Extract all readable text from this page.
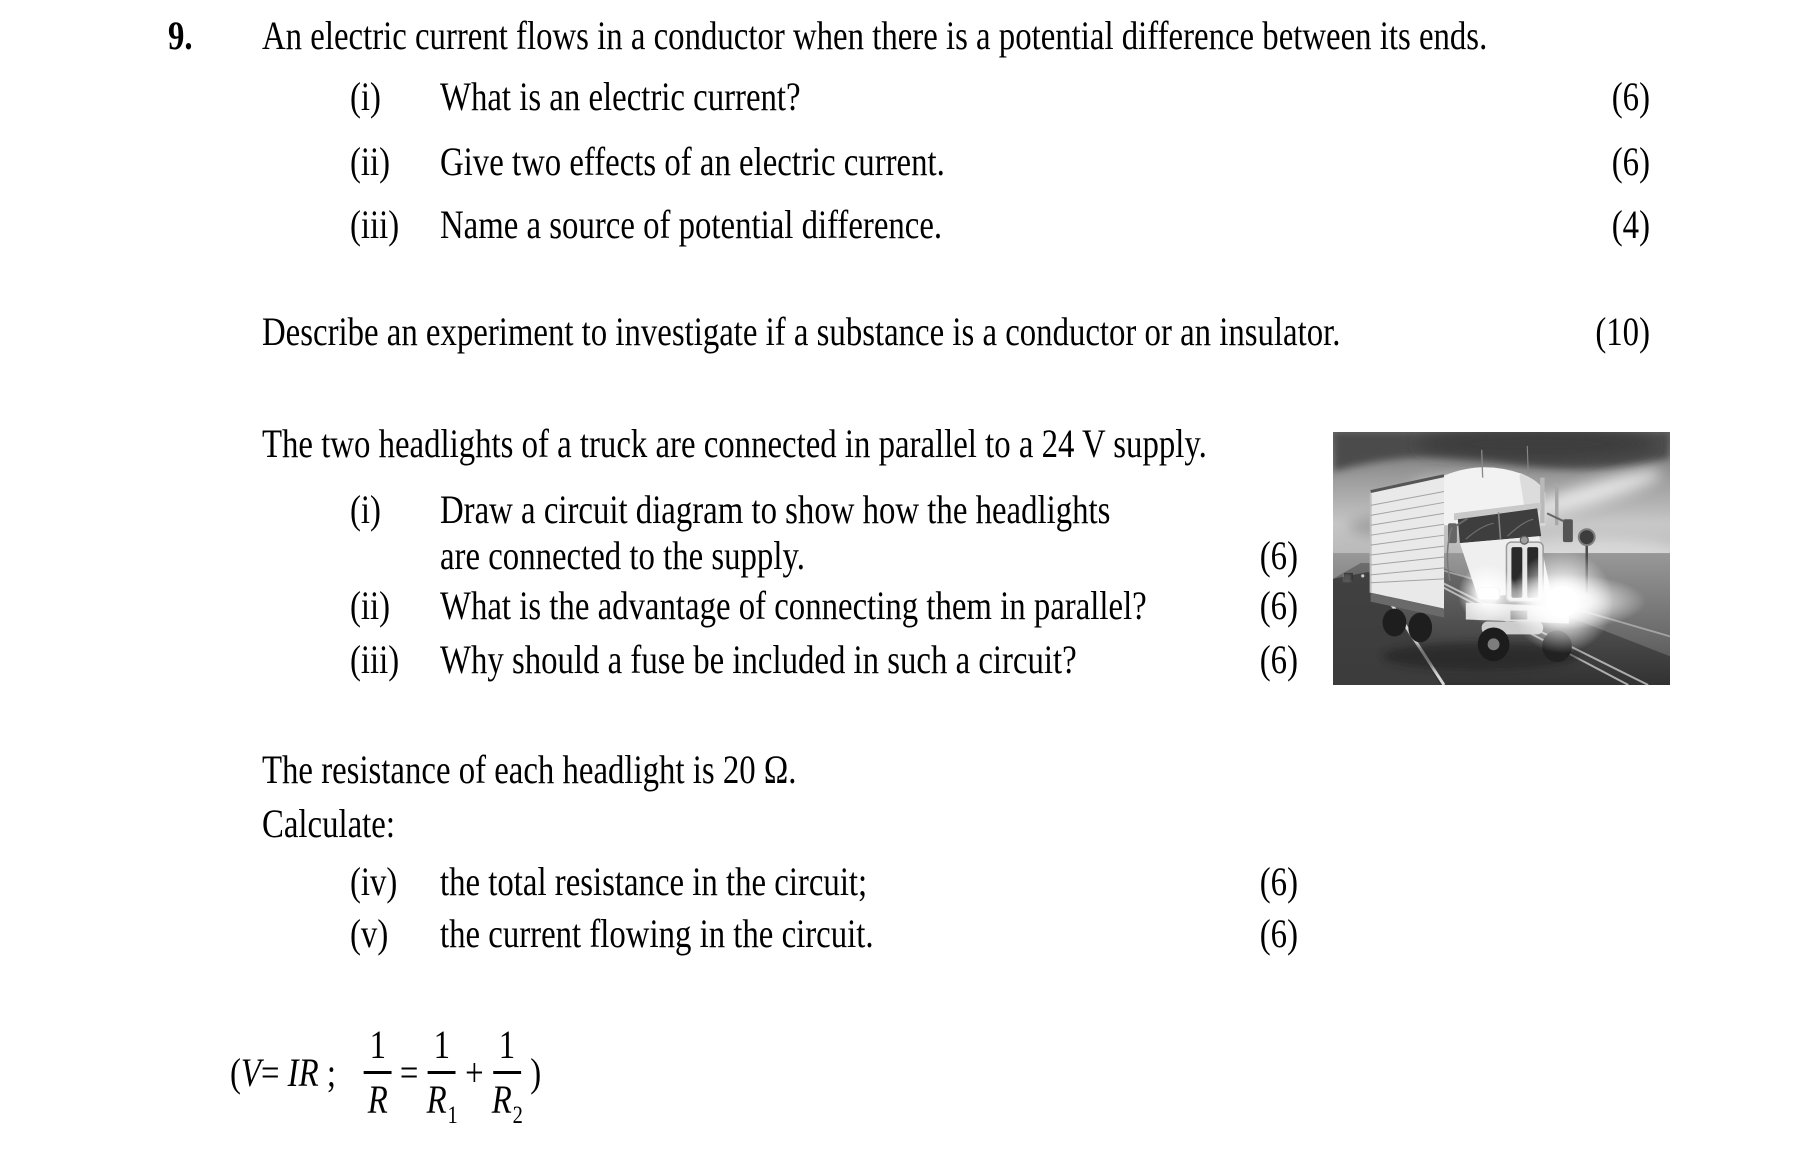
9. An electric current flows in a conductor when there is a potential difference between its ends.
(i) What is an electric current?	(6)
(ii) Give two effects of an electric current.	(6)
(iii) Name a source of potential difference.	(4)
Describe an experiment to investigate if a substance is a conductor or an insulator.	(10)
The two headlights of a truck are connected in parallel to a 24 V supply.
(i) Draw a circuit diagram to show how the headlights
are connected to the supply.	(6)
(ii) What is the advantage of connecting them in parallel?	(6)
(iii) Why should a fuse be included in such a circuit?	(6)
The resistance of each headlight is 20 Ω.
Calculate:
(iv) the total resistance in the circuit;	(6)
(v) the current flowing in the circuit.	(6)
( V = IR ; $\frac{1}{R} = \frac{1}{R_1} + \frac{1}{R_2}$ )
